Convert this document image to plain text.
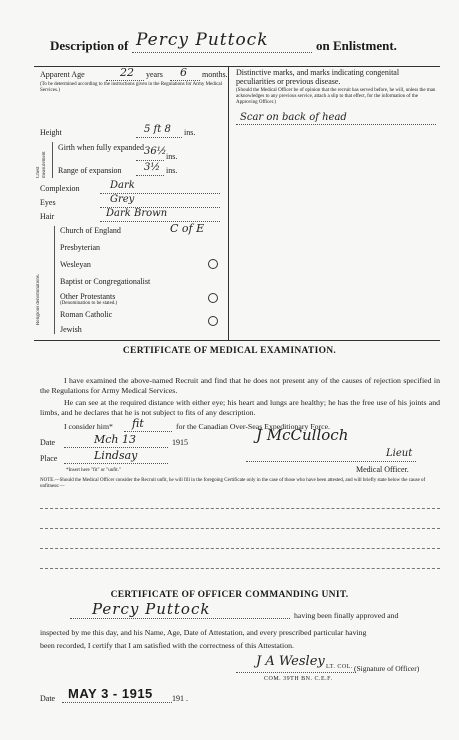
Description of Percy Puttock	on Enlistment.
Apparent Age	22 years 6 months.
(To be determined according to the instructions given in the Regulations for Army Medical Services.)
Height	5 ft 8 ins.
Chest measurement
Girth when fully expanded 36½ ins.
Range of expansion 3½ ins.
Complexion	Dark
Eyes	Grey
Hair	Dark Brown
Religious denominations.
Church of England	C of E
Presbyterian
Wesleyan
Baptist or Congregationalist
Other Protestants
(Denomination to be stated.)
Roman Catholic
Jewish
Distinctive marks, and marks indicating congenital peculiarities or previous disease.
(Should the Medical Officer be of opinion that the recruit has served before, he will, unless the man acknowledges to any previous service, attach a slip to that effect, for the information of the Approving Officer.)
Scar on back of head
CERTIFICATE OF MEDICAL EXAMINATION.
I have examined the above-named Recruit and find that he does not present any of the causes of rejection specified in the Regulations for Army Medical Services.
He can see at the required distance with either eye; his heart and lungs are healthy; he has the free use of his joints and limbs, and he declares that he is not subject to fits of any description.
I consider him* fit	for the Canadian Over-Seas Expeditionary Force.
Date	Mch 13	1915	J McCulloch
Place	Lindsay	Lieut
Medical Officer.
*Insert here "fit" or "unfit."
NOTE.—Should the Medical Officer consider the Recruit unfit, he will fill in the foregoing Certificate only in the case of those who have been attested, and will briefly state below the cause of unfitness:—
CERTIFICATE OF OFFICER COMMANDING UNIT.
Percy Puttock	having been finally approved and
inspected by me this day, and his Name, Age, Date of Attestation, and every prescribed particular having
been recorded, I certify that I am satisfied with the correctness of this Attestation.
J A Wesley LT. COL. (Signature of Officer)
COM. 39TH BN. C.E.F.
Date MAY 3 - 1915 191 .
